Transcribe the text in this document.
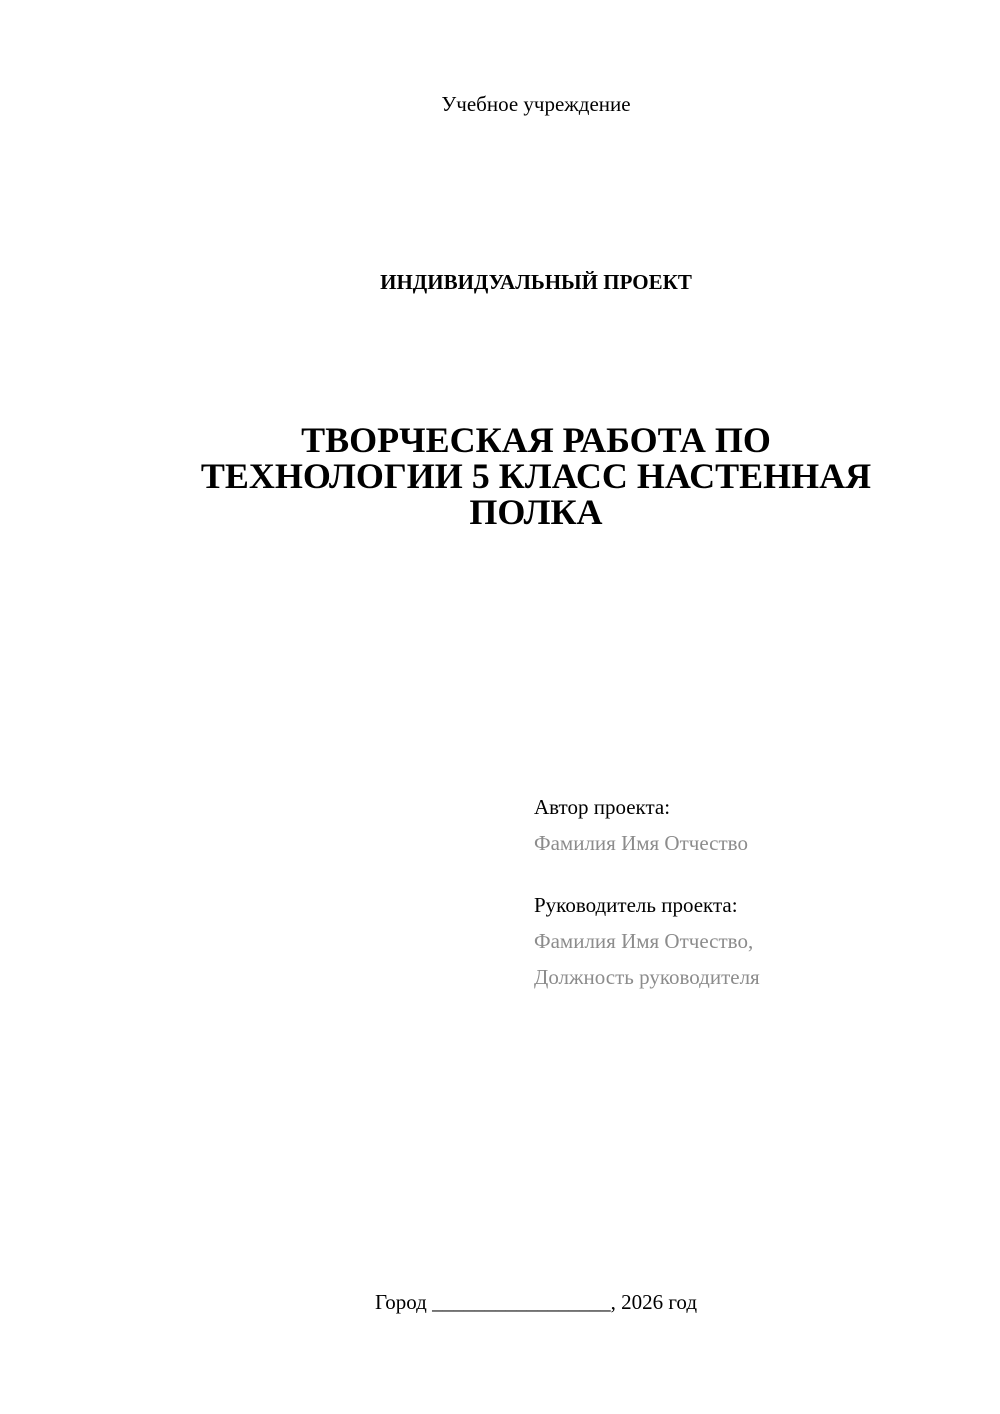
Учебное учреждение
ИНДИВИДУАЛЬНЫЙ ПРОЕКТ
ТВОРЧЕСКАЯ РАБОТА ПО
ТЕХНОЛОГИИ 5 КЛАСС НАСТЕННАЯ
ПОЛКА
Автор проекта:
Фамилия Имя Отчество
Руководитель проекта:
Фамилия Имя Отчество,
Должность руководителя
Город _________________, 2026 год
